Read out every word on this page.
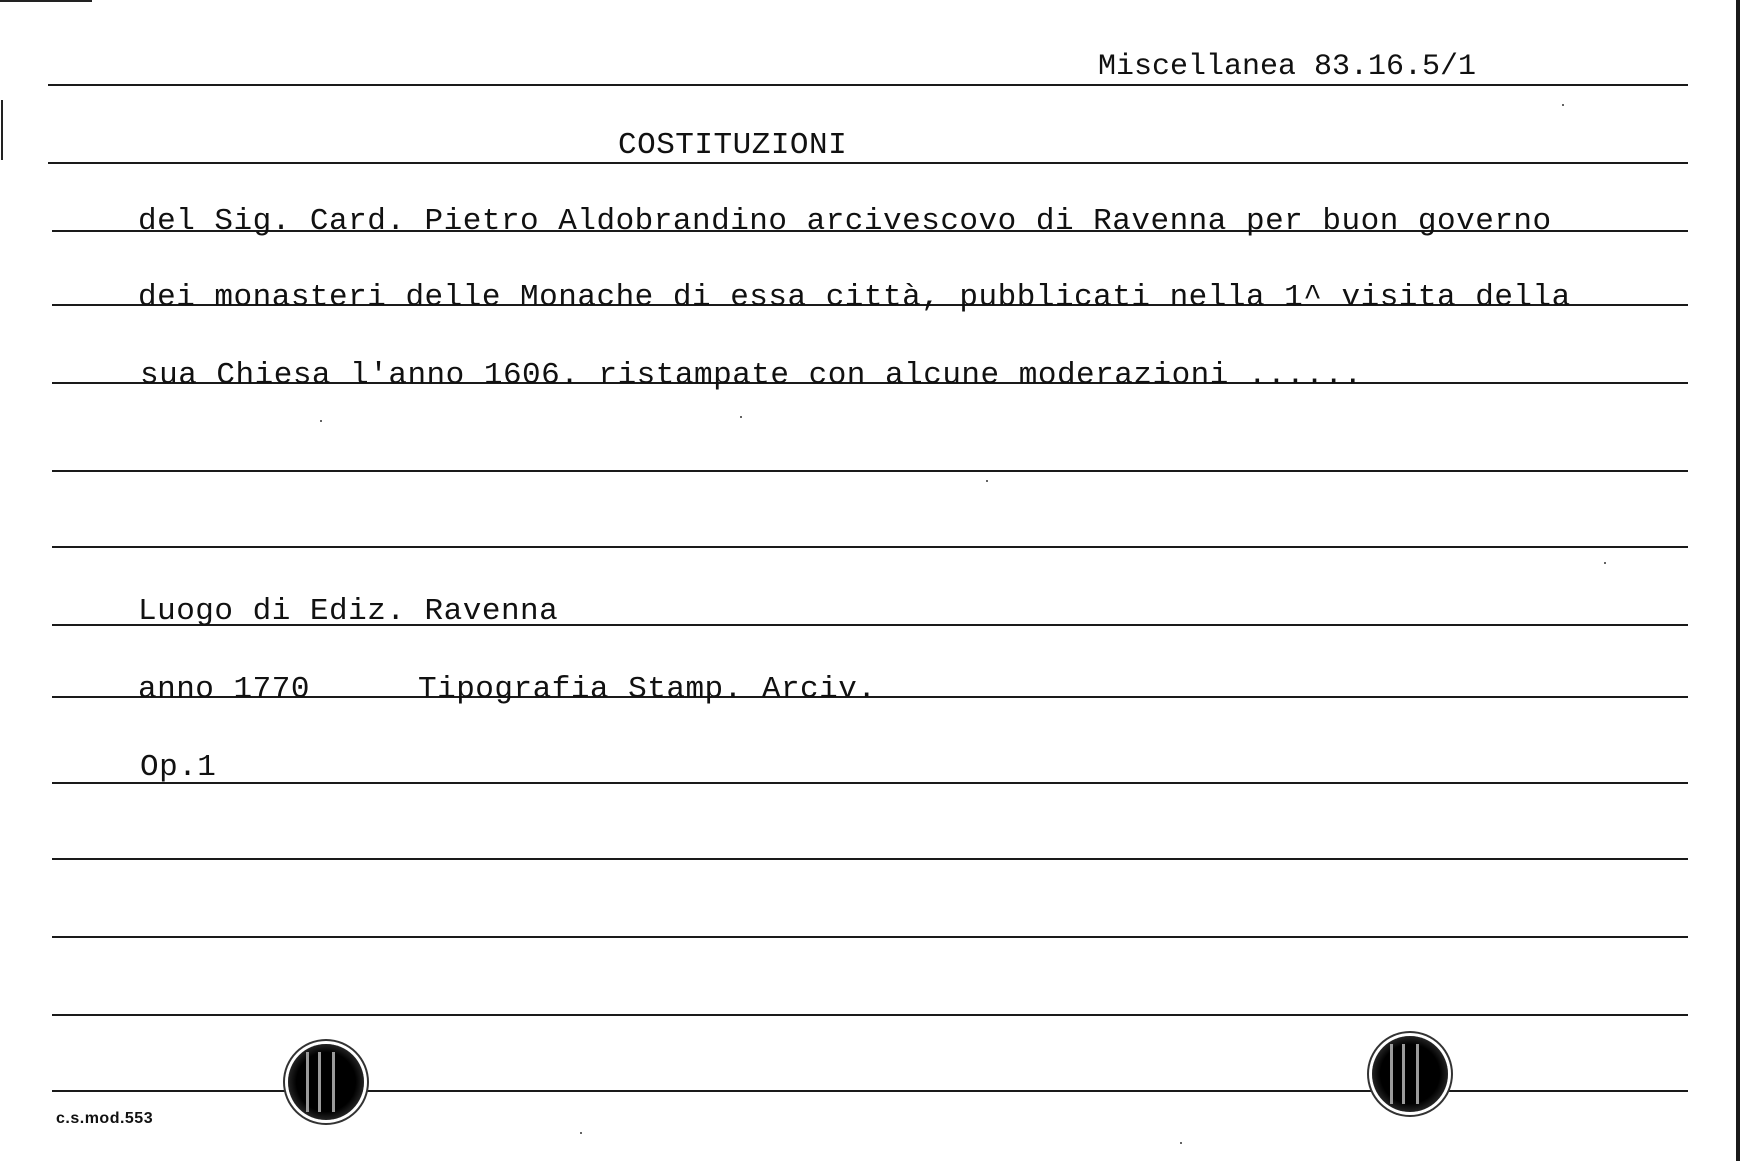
Miscellanea 83.16.5/1
COSTITUZIONI
del Sig. Card. Pietro Aldobrandino arcivescovo di Ravenna per buon governo
dei monasteri delle Monache di essa città, pubblicati nella 1^ visita della
sua Chiesa l'anno 1606. ristampate con alcune moderazioni ......
Luogo di Ediz. Ravenna
anno 1770	Tipografia Stamp. Arciv.
Op.1
c.s.mod.553
